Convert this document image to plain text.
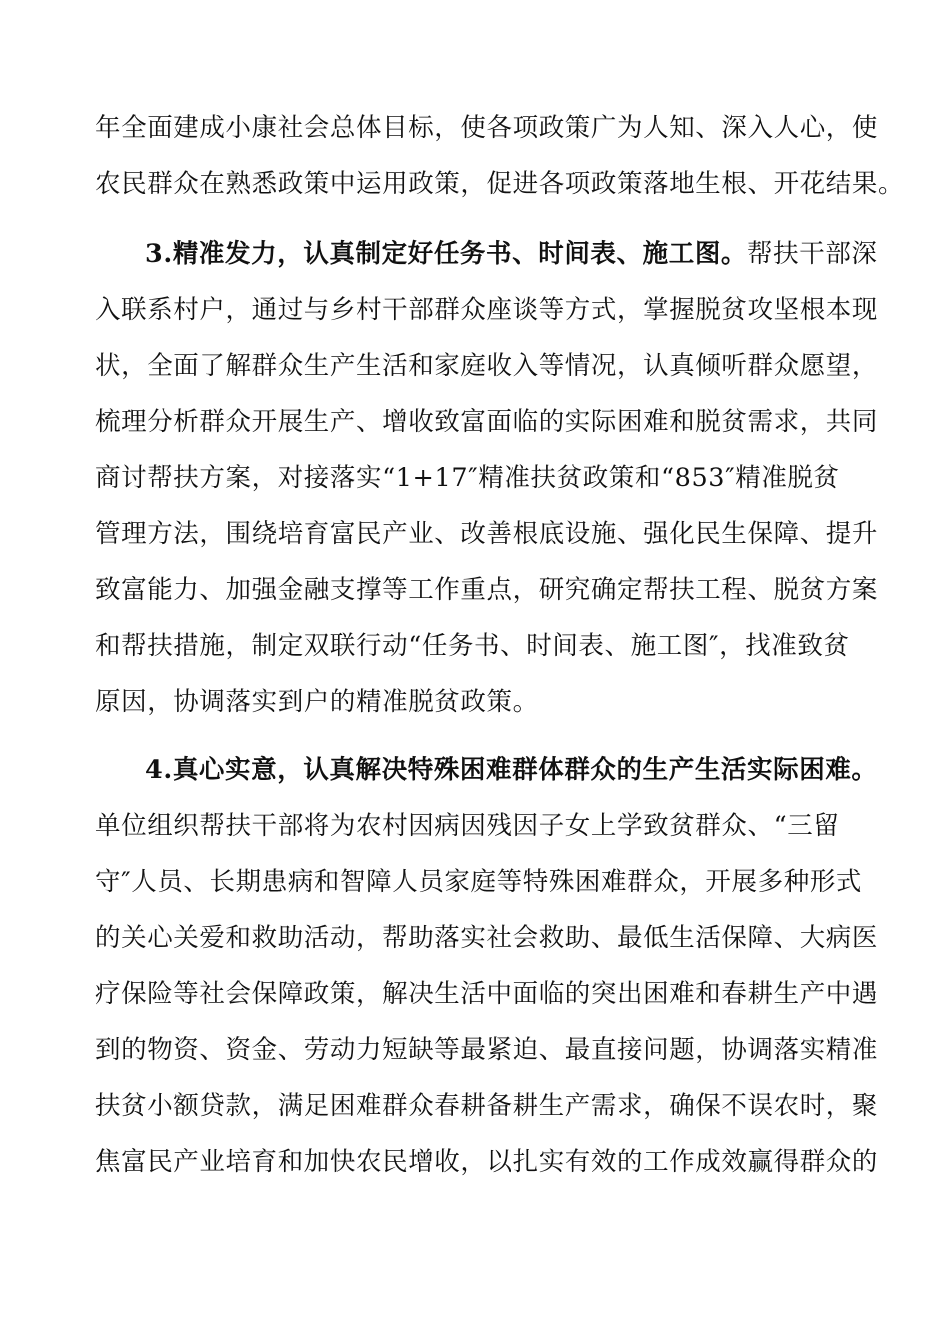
年全面建成小康社会总体目标，使各项政策广为人知、深入人心，使
农民群众在熟悉政策中运用政策，促进各项政策落地生根、开花结果。
3.精准发力，认真制定好任务书、时间表、施工图。帮扶干部深
入联系村户，通过与乡村干部群众座谈等方式，掌握脱贫攻坚根本现
状，全面了解群众生产生活和家庭收入等情况，认真倾听群众愿望，
梳理分析群众开展生产、增收致富面临的实际困难和脱贫需求，共同
商讨帮扶方案，对接落实“1+17″精准扶贫政策和“853″精准脱贫
管理方法，围绕培育富民产业、改善根底设施、强化民生保障、提升
致富能力、加强金融支撑等工作重点，研究确定帮扶工程、脱贫方案
和帮扶措施，制定双联行动“任务书、时间表、施工图″，找准致贫
原因，协调落实到户的精准脱贫政策。
4.真心实意，认真解决特殊困难群体群众的生产生活实际困难。
单位组织帮扶干部将为农村因病因残因子女上学致贫群众、“三留
守″人员、长期患病和智障人员家庭等特殊困难群众，开展多种形式
的关心关爱和救助活动，帮助落实社会救助、最低生活保障、大病医
疗保险等社会保障政策，解决生活中面临的突出困难和春耕生产中遇
到的物资、资金、劳动力短缺等最紧迫、最直接问题，协调落实精准
扶贫小额贷款，满足困难群众春耕备耕生产需求，确保不误农时，聚
焦富民产业培育和加快农民增收，以扎实有效的工作成效赢得群众的
